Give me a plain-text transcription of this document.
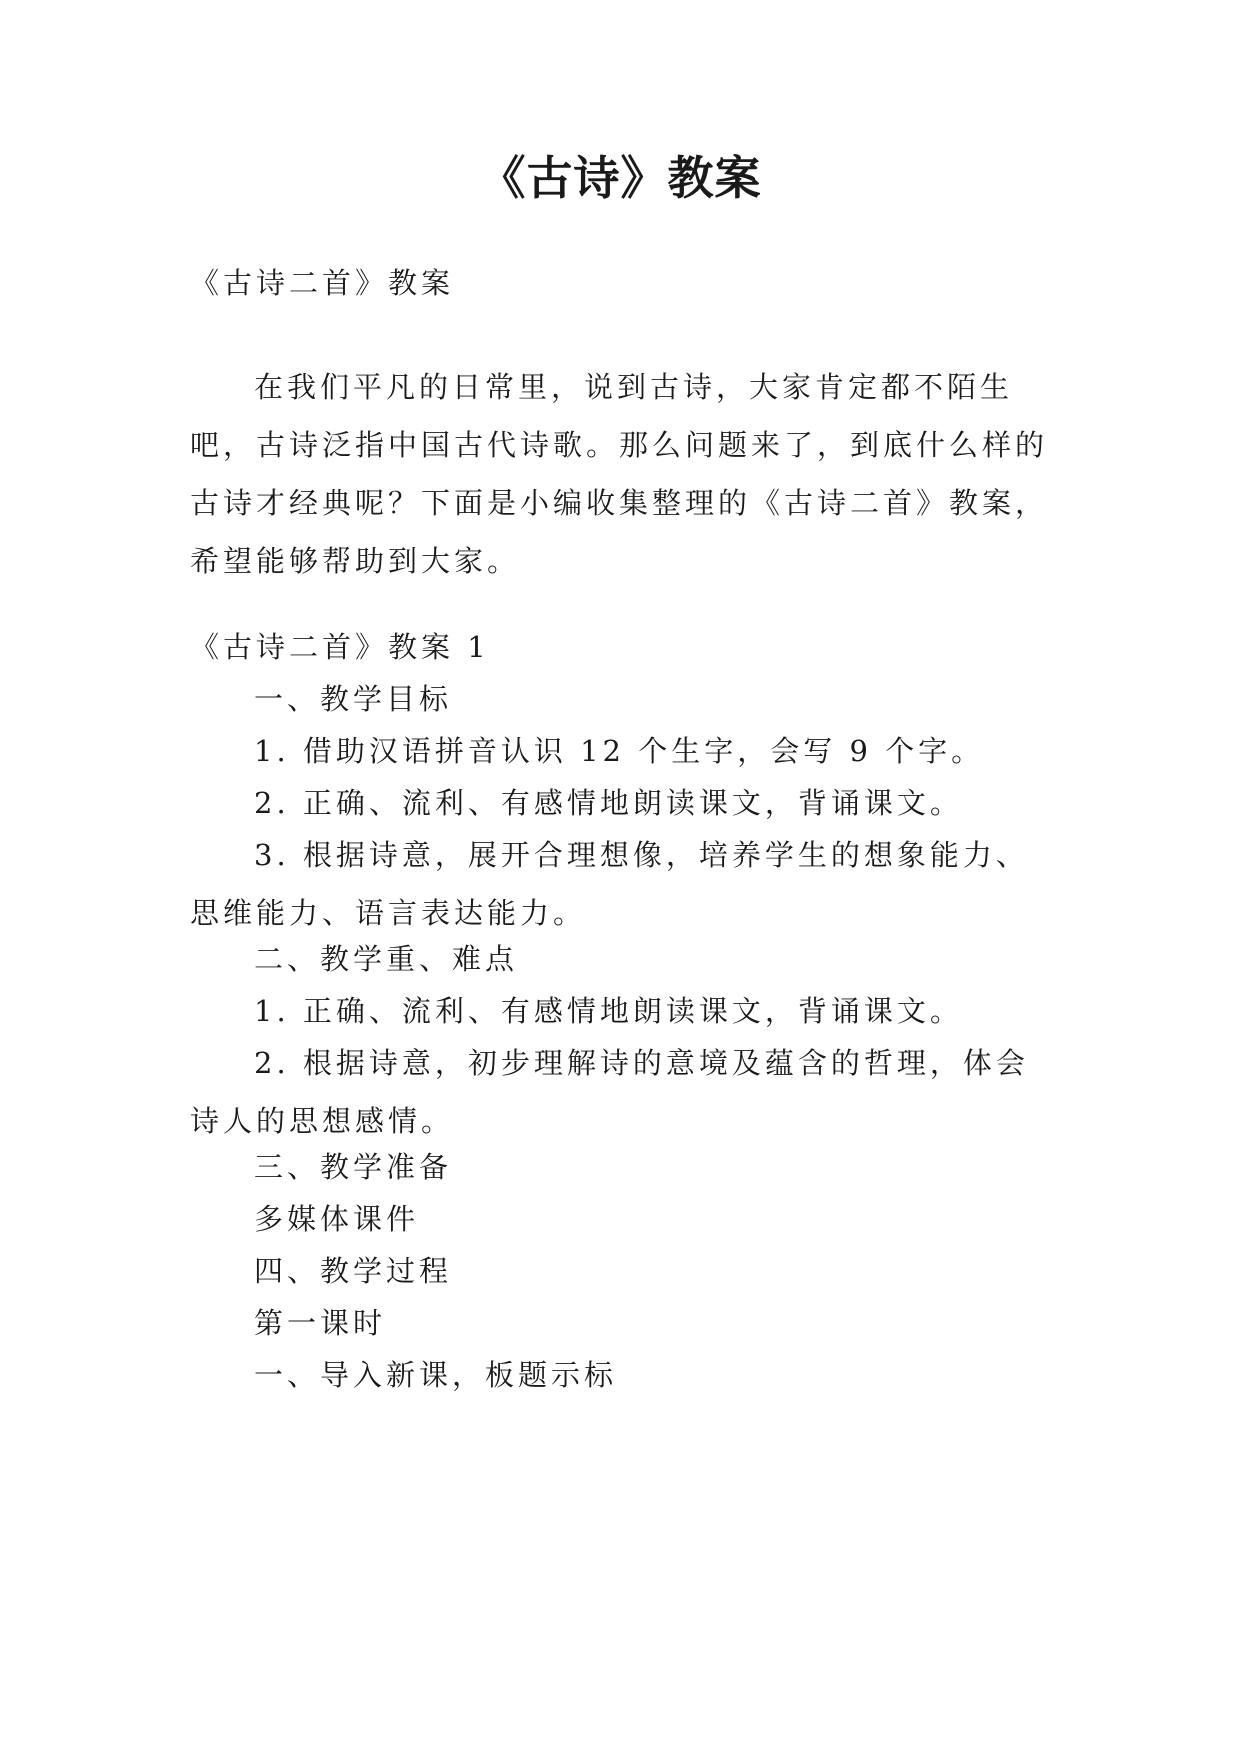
《古诗》教案

《古诗二首》教案

在我们平凡的日常里，说到古诗，大家肯定都不陌生吧，古诗泛指中国古代诗歌。那么问题来了，到底什么样的古诗才经典呢？下面是小编收集整理的《古诗二首》教案，希望能够帮助到大家。

《古诗二首》教案 1

一、教学目标

1. 借助汉语拼音认识 12 个生字，会写 9 个字。

2. 正确、流利、有感情地朗读课文，背诵课文。

3. 根据诗意，展开合理想像，培养学生的想象能力、思维能力、语言表达能力。

二、教学重、难点

1. 正确、流利、有感情地朗读课文，背诵课文。

2. 根据诗意，初步理解诗的意境及蕴含的哲理，体会诗人的思想感情。

三、教学准备

多媒体课件

四、教学过程

第一课时

一、导入新课，板题示标
